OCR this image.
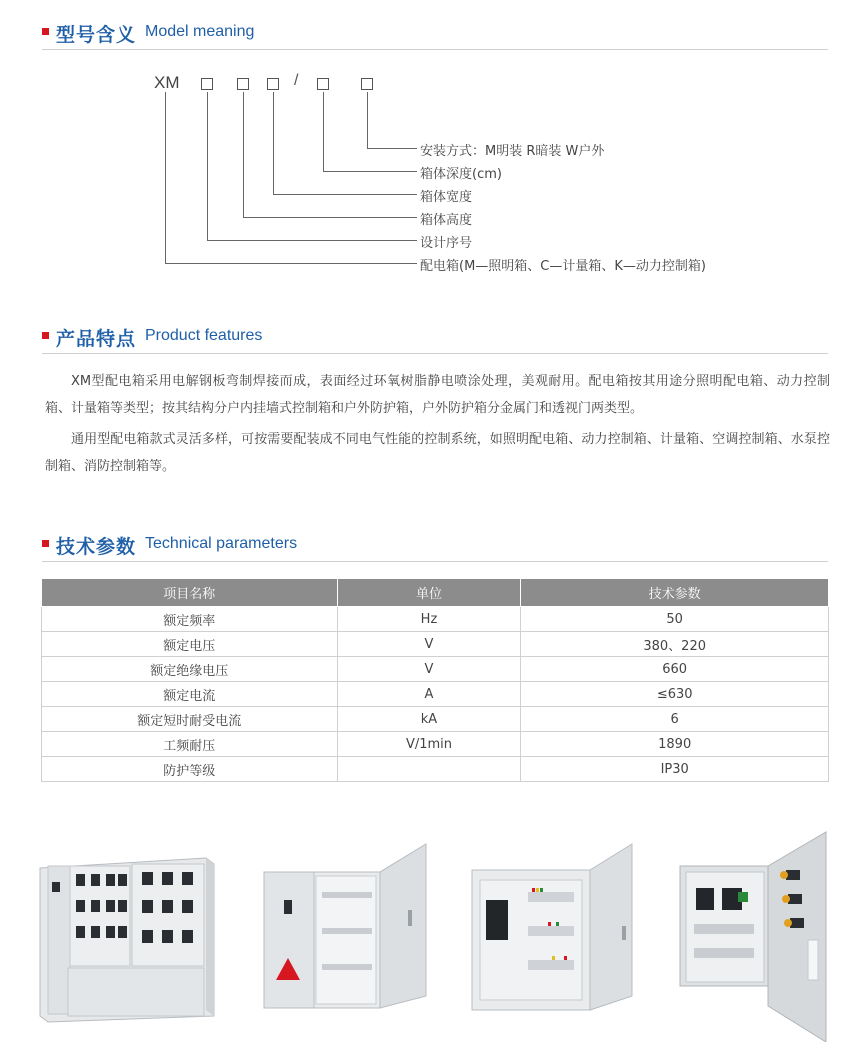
型号含义 Model meaning
XM	/
安装方式：M明装 R暗装 W户外
箱体深度(cm)
箱体宽度
箱体高度
设计序号
配电箱(M—照明箱、C—计量箱、K—动力控制箱)
产品特点 Product features

XM型配电箱采用电解钢板弯制焊接而成，表面经过环氧树脂静电喷涂处理，美观耐用。配电箱按其用途分照明配电箱、动力控制箱、计量箱等类型；按其结构分户内挂墙式控制箱和户外防护箱，户外防护箱分金属门和透视门两类型。

通用型配电箱款式灵活多样，可按需要配装成不同电气性能的控制系统，如照明配电箱、动力控制箱、计量箱、空调控制箱、水泵控制箱、消防控制箱等。

技术参数 Technical parameters
项目名称	单位	技术参数
额定频率	Hz	50
额定电压	V	380、220
额定绝缘电压	V	660
额定电流	A	≤630
额定短时耐受电流	kA	6
工频耐压	V/1min	1890
防护等级		IP30
